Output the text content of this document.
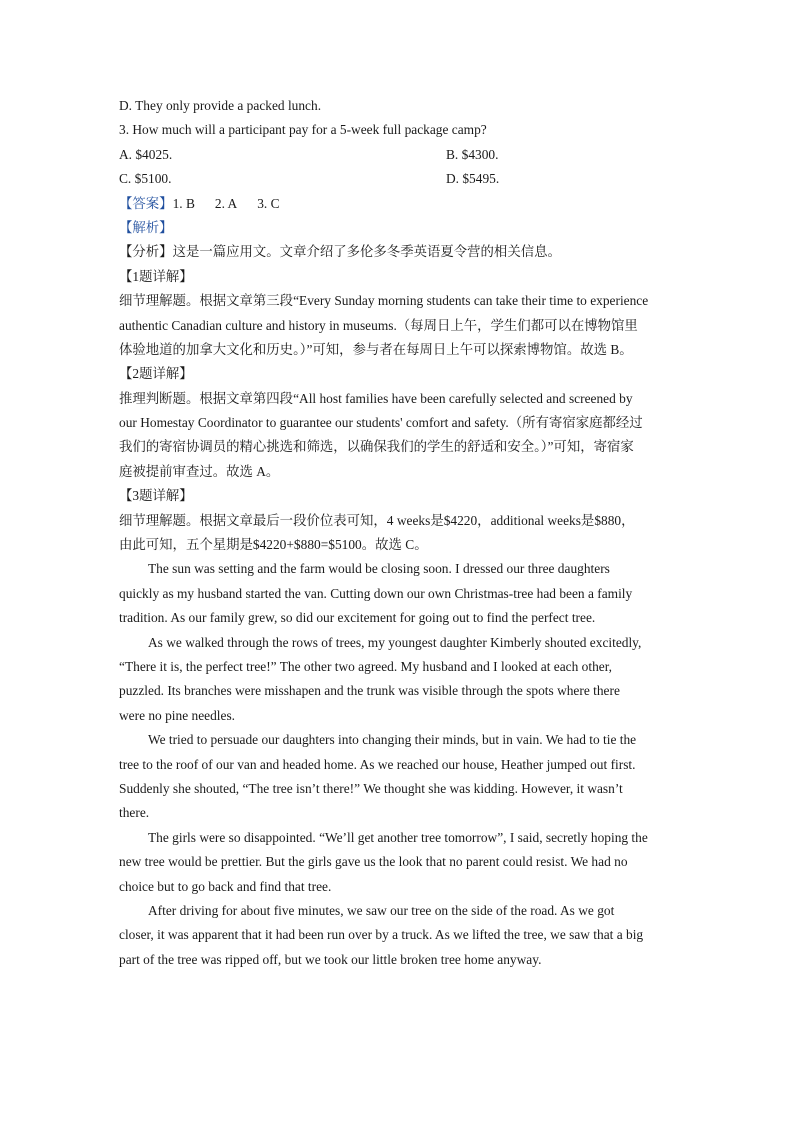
D. They only provide a packed lunch.
3. How much will a participant pay for a 5-week full package camp?
A. $4025.	B. $4300.
C. $5100.	D. $5495.
【答案】1. B 2. A 3. C
【解析】
【分析】这是一篇应用文。文章介绍了多伦多冬季英语夏令营的相关信息。
【1题详解】
细节理解题。根据文章第三段“Every Sunday morning students can take their time to experience
authentic Canadian culture and history in museums.（每周日上午，学生们都可以在博物馆里
体验地道的加拿大文化和历史。）”可知，参与者在每周日上午可以探索博物馆。故选 B。
【2题详解】
推理判断题。根据文章第四段“All host families have been carefully selected and screened by
our Homestay Coordinator to guarantee our students' comfort and safety.（所有寄宿家庭都经过
我们的寄宿协调员的精心挑选和筛选，以确保我们的学生的舒适和安全。）”可知，寄宿家
庭被提前审查过。故选 A。
【3题详解】
细节理解题。根据文章最后一段价位表可知，4 weeks是$4220，additional weeks是$880，
由此可知，五个星期是$4220+$880=$5100。故选 C。
The sun was setting and the farm would be closing soon. I dressed our three daughters
quickly as my husband started the van. Cutting down our own Christmas-tree had been a family
tradition. As our family grew, so did our excitement for going out to find the perfect tree.
As we walked through the rows of trees, my youngest daughter Kimberly shouted excitedly,
“There it is, the perfect tree!” The other two agreed. My husband and I looked at each other,
puzzled. Its branches were misshapen and the trunk was visible through the spots where there
were no pine needles.
We tried to persuade our daughters into changing their minds, but in vain. We had to tie the
tree to the roof of our van and headed home. As we reached our house, Heather jumped out first.
Suddenly she shouted, “The tree isn’t there!” We thought she was kidding. However, it wasn’t
there.
The girls were so disappointed. “We’ll get another tree tomorrow”, I said, secretly hoping the
new tree would be prettier. But the girls gave us the look that no parent could resist. We had no
choice but to go back and find that tree.
After driving for about five minutes, we saw our tree on the side of the road. As we got
closer, it was apparent that it had been run over by a truck. As we lifted the tree, we saw that a big
part of the tree was ripped off, but we took our little broken tree home anyway.
